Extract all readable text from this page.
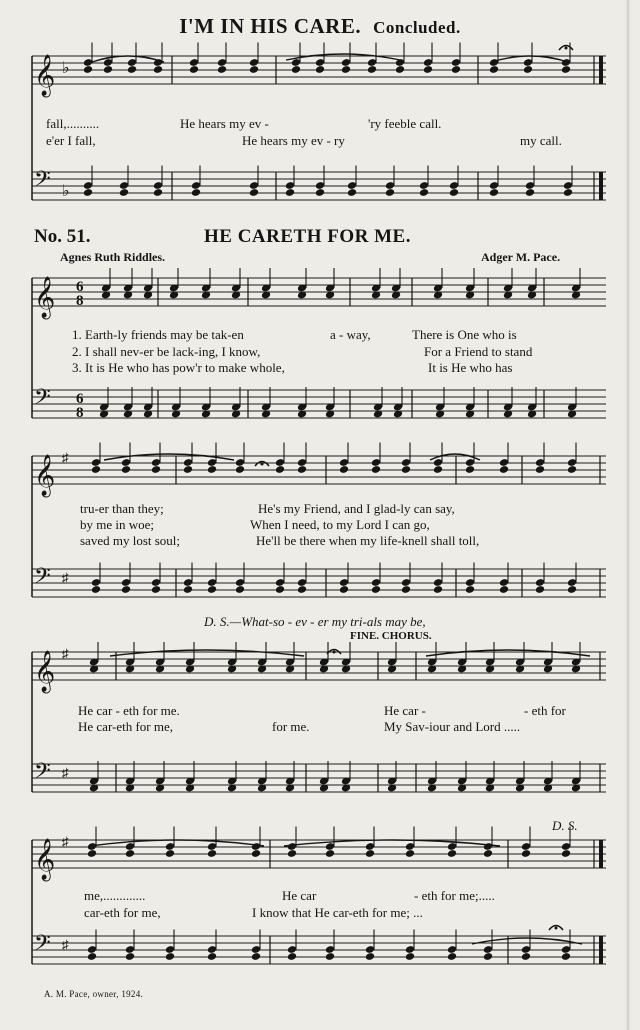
I'M IN HIS CARE. Concluded.
No. 51.	HE CARETH FOR ME.
Agnes Ruth Riddles.	Adger M. Pace.
fall,..........	He hears my ev -	'ry feeble call.
e'er I fall,	He hears my ev - ry	my call.
1. Earth-ly friends may be tak-en	a - way,	There is One who is
2. I shall nev-er be lack-ing, I know,	For a Friend to stand
3. It is He who has pow'r to make whole,	It is He who has
tru-er than they;	He's my Friend, and I glad-ly can say,
by me in woe;	When I need, to my Lord I can go,
saved my lost soul;	He'll be there when my life-knell shall toll,
D. S.—What-so - ev - er my tri-als may be,
FINE. CHORUS.
He car - eth for me.	He car -	- eth for
He car-eth for me,	for me.	My Sav-iour and Lord .....
D. S.
me,.............	He car	- eth for me;.....
car-eth for me,	I know that He car-eth for me; ...
A. M. Pace, owner, 1924.
𝄞
𝄢
♭
♭
𝄞
𝄢
6
6
8
8
𝄞
𝄢
♯
♯
𝄞
𝄢
♯
♯
𝄞
𝄢
♯
♯
